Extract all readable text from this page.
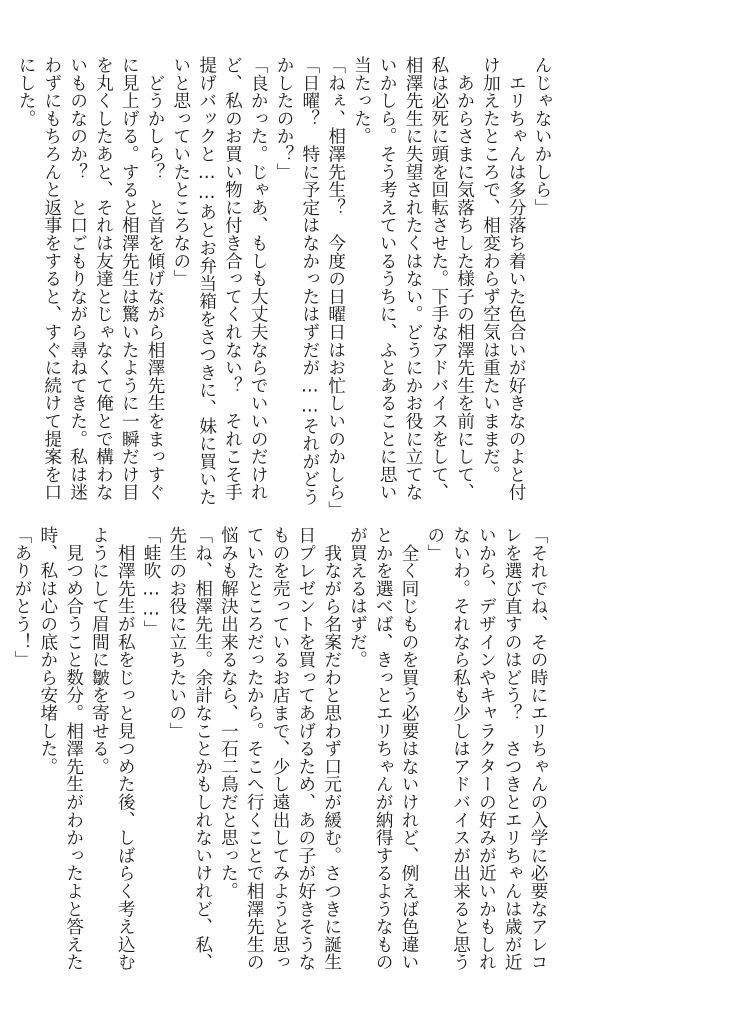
んじゃないかしら」
　エリちゃんは多分落ち着いた色合いが好きなのよと付
け加えたところで、相変わらず空気は重たいままだ。
　あからさまに気落ちした様子の相澤先生を前にして、
私は必死に頭を回転させた。下手なアドバイスをして、
相澤先生に失望されたくはない。どうにかお役に立てな
いかしら。そう考えているうちに、ふとあることに思い
当たった。
「ねぇ、相澤先生？　今度の日曜日はお忙しいのかしら」
「日曜？　特に予定はなかったはずだが……それがどう
かしたのか？」
「良かった。じゃあ、もしも大丈夫ならでいいのだけれ
ど、私のお買い物に付き合ってくれない？　それこそ手
提げバックと……あとお弁当箱をさつきに、妹に買いた
いと思っていたところなの」
　どうかしら？　と首を傾げながら相澤先生をまっすぐ
に見上げる。すると相澤先生は驚いたように一瞬だけ目
を丸くしたあと、それは友達とじゃなくて俺とで構わな
いものなのか？　と口ごもりながら尋ねてきた。私は迷
わずにもちろんと返事をすると、すぐに続けて提案を口
にした。
「それでね、その時にエリちゃんの入学に必要なアレコ
レを選び直すのはどう？　さつきとエリちゃんは歳が近
いから、デザインやキャラクターの好みが近いかもしれ
ないわ。それなら私も少しはアドバイスが出来ると思う
の」
　全く同じものを買う必要はないけれど、例えば色違い
とかを選べば、きっとエリちゃんが納得するようなもの
が買えるはずだ。
　我ながら名案だわと思わず口元が緩む。さつきに誕生
日プレゼントを買ってあげるため、あの子が好きそうな
ものを売っているお店まで、少し遠出してみようと思っ
ていたところだったから。そこへ行くことで相澤先生の
悩みも解決出来るなら、一石二鳥だと思った。
「ね、相澤先生。余計なことかもしれないけれど、私、
先生のお役に立ちたいの」
「蛙吹……」
　相澤先生が私をじっと見つめた後、しばらく考え込む
ようにして眉間に皺を寄せる。
　見つめ合うこと数分。相澤先生がわかったよと答えた
時、私は心の底から安堵した。
「ありがとう！」
